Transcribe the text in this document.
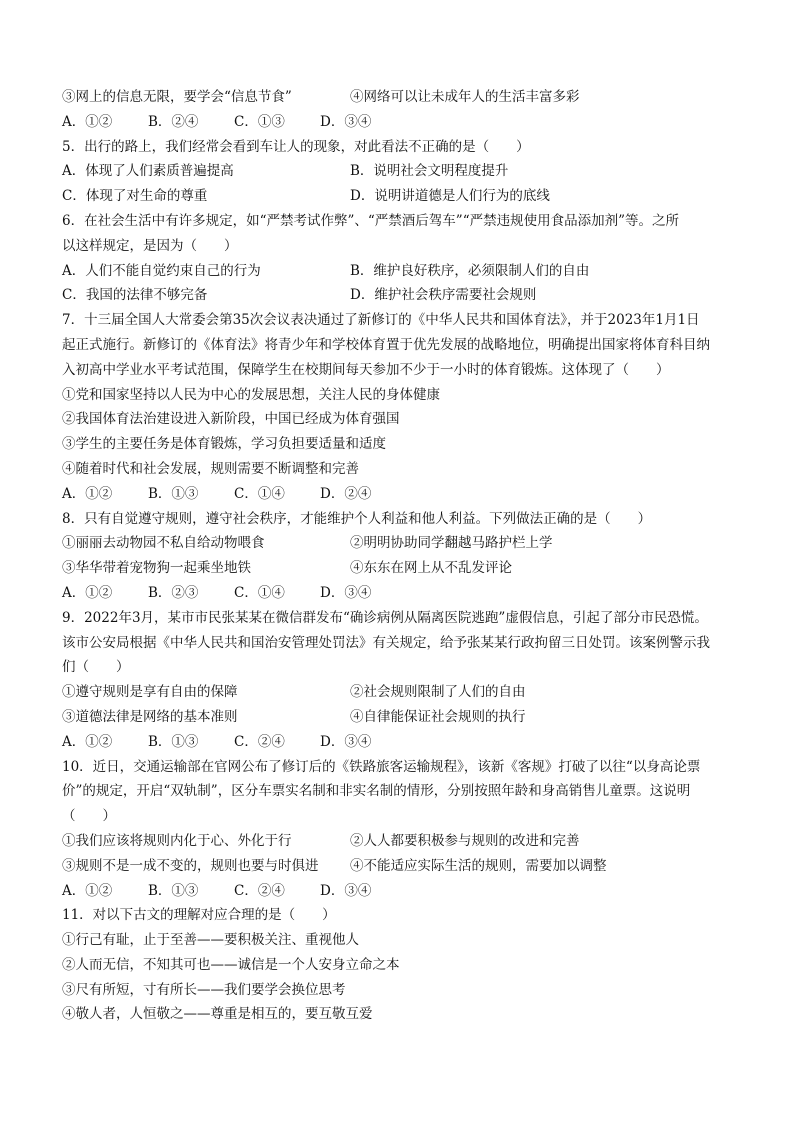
③网上的信息无限，要学会“信息节食”	④网络可以让未成年人的生活丰富多彩
A．①②	B．②④	C．①③	D．③④
5．出行的路上，我们经常会看到车让人的现象，对此看法不正确的是（　　）
A．体现了人们素质普遍提高	B．说明社会文明程度提升
C．体现了对生命的尊重	D．说明讲道德是人们行为的底线
6．在社会生活中有许多规定，如“严禁考试作弊”、“严禁酒后驾车”“严禁违规使用食品添加剂”等。之所
以这样规定，是因为（　　）
A．人们不能自觉约束自己的行为	B．维护良好秩序，必须限制人们的自由
C．我国的法律不够完备	D．维护社会秩序需要社会规则
7．十三届全国人大常委会第35次会议表决通过了新修订的《中华人民共和国体育法》，并于2023年1月1日
起正式施行。新修订的《体育法》将青少年和学校体育置于优先发展的战略地位，明确提出国家将体育科目纳
入初高中学业水平考试范围，保障学生在校期间每天参加不少于一小时的体育锻炼。这体现了（　　）
①党和国家坚持以人民为中心的发展思想，关注人民的身体健康
②我国体育法治建设进入新阶段，中国已经成为体育强国
③学生的主要任务是体育锻炼，学习负担要适量和适度
④随着时代和社会发展，规则需要不断调整和完善
A．①②	B．①③	C．①④	D．②④
8．只有自觉遵守规则，遵守社会秩序，才能维护个人利益和他人利益。下列做法正确的是（　　）
①丽丽去动物园不私自给动物喂食	②明明协助同学翻越马路护栏上学
③华华带着宠物狗一起乘坐地铁	④东东在网上从不乱发评论
A．①②	B．②③	C．①④	D．③④
9．2022年3月，某市市民张某某在微信群发布“确诊病例从隔离医院逃跑”虚假信息，引起了部分市民恐慌。
该市公安局根据《中华人民共和国治安管理处罚法》有关规定，给予张某某行政拘留三日处罚。该案例警示我
们（　　）
①遵守规则是享有自由的保障	②社会规则限制了人们的自由
③道德法律是网络的基本准则	④自律能保证社会规则的执行
A．①②	B．①③	C．②④	D．③④
10．近日，交通运输部在官网公布了修订后的《铁路旅客运输规程》，该新《客规》打破了以往“以身高论票
价”的规定，开启“双轨制”，区分车票实名制和非实名制的情形，分别按照年龄和身高销售儿童票。这说明
（　　）
①我们应该将规则内化于心、外化于行	②人人都要积极参与规则的改进和完善
③规则不是一成不变的，规则也要与时俱进 ④不能适应实际生活的规则，需要加以调整
A．①②	B．①③	C．②④	D．③④
11．对以下古文的理解对应合理的是（　　）
①行己有耻，止于至善——要积极关注、重视他人
②人而无信，不知其可也——诚信是一个人安身立命之本
③尺有所短，寸有所长——我们要学会换位思考
④敬人者，人恒敬之——尊重是相互的，要互敬互爱
